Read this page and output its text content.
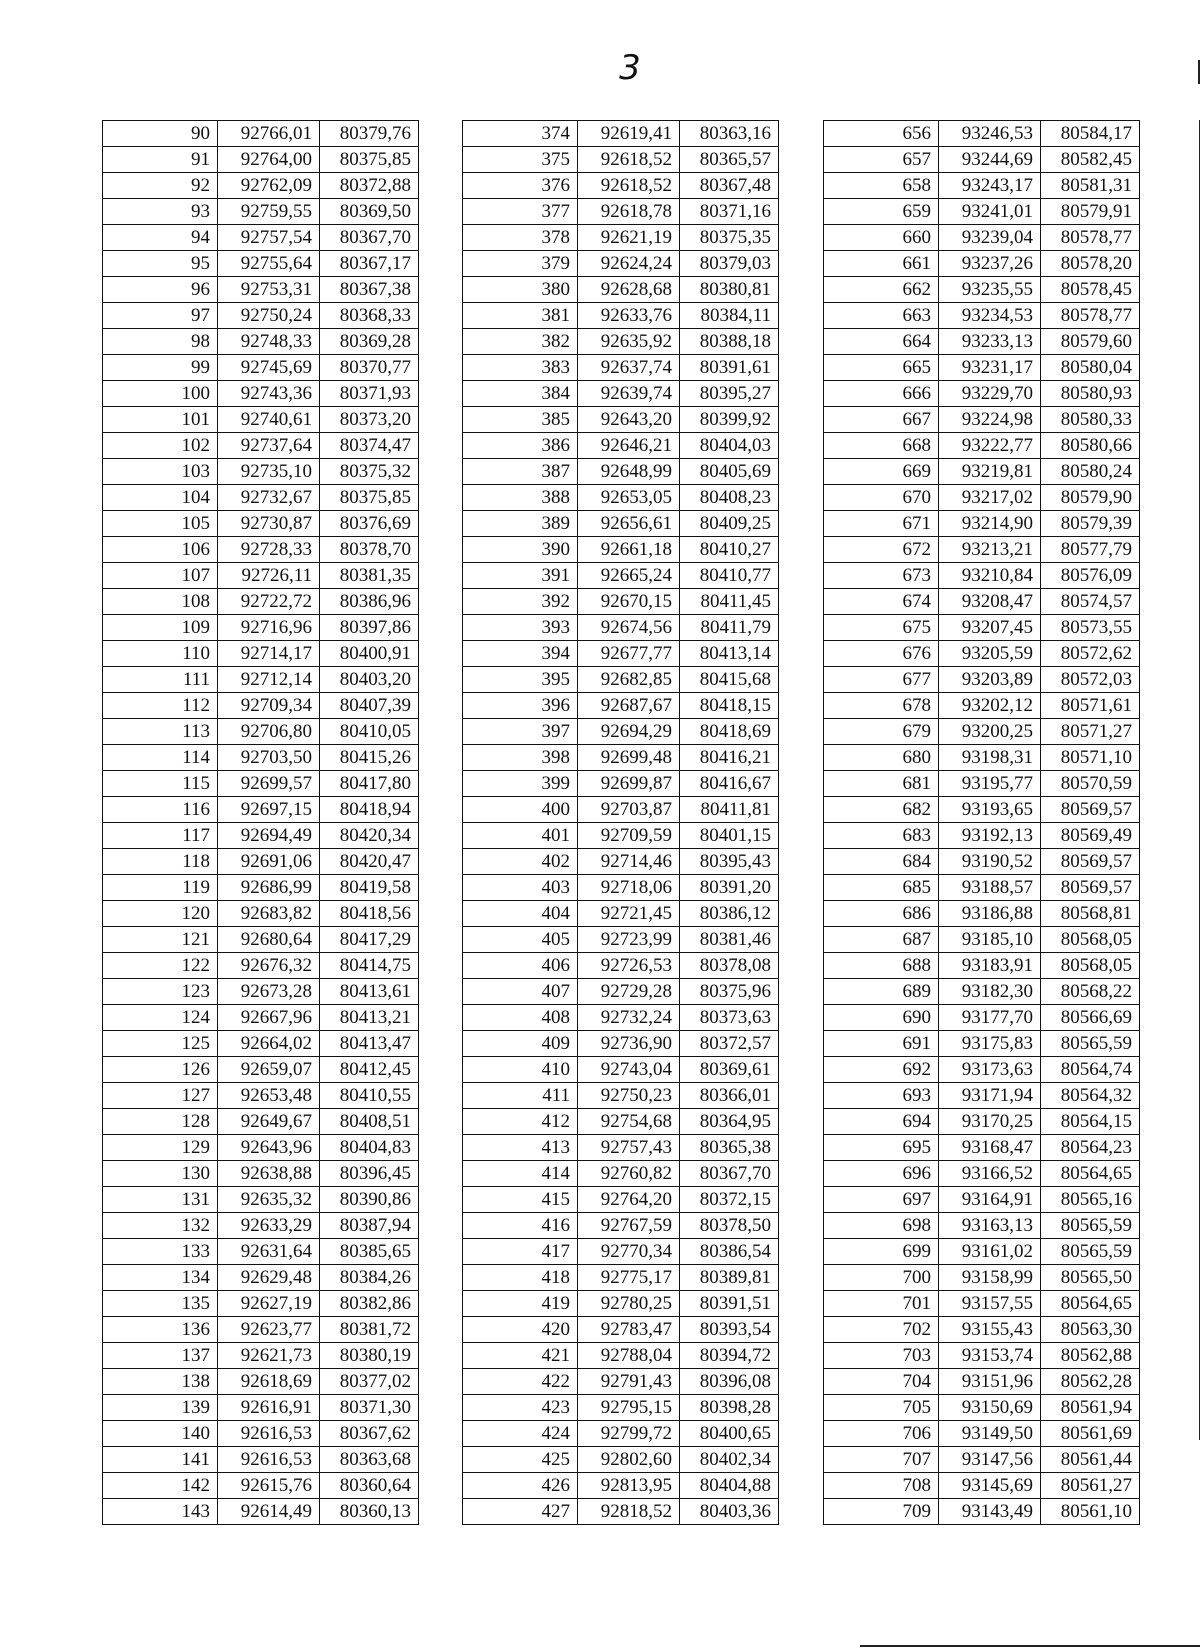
3
90	92766,01	80379,76
91	92764,00	80375,85
92	92762,09	80372,88
93	92759,55	80369,50
94	92757,54	80367,70
95	92755,64	80367,17
96	92753,31	80367,38
97	92750,24	80368,33
98	92748,33	80369,28
99	92745,69	80370,77
100	92743,36	80371,93
101	92740,61	80373,20
102	92737,64	80374,47
103	92735,10	80375,32
104	92732,67	80375,85
105	92730,87	80376,69
106	92728,33	80378,70
107	92726,11	80381,35
108	92722,72	80386,96
109	92716,96	80397,86
110	92714,17	80400,91
111	92712,14	80403,20
112	92709,34	80407,39
113	92706,80	80410,05
114	92703,50	80415,26
115	92699,57	80417,80
116	92697,15	80418,94
117	92694,49	80420,34
118	92691,06	80420,47
119	92686,99	80419,58
120	92683,82	80418,56
121	92680,64	80417,29
122	92676,32	80414,75
123	92673,28	80413,61
124	92667,96	80413,21
125	92664,02	80413,47
126	92659,07	80412,45
127	92653,48	80410,55
128	92649,67	80408,51
129	92643,96	80404,83
130	92638,88	80396,45
131	92635,32	80390,86
132	92633,29	80387,94
133	92631,64	80385,65
134	92629,48	80384,26
135	92627,19	80382,86
136	92623,77	80381,72
137	92621,73	80380,19
138	92618,69	80377,02
139	92616,91	80371,30
140	92616,53	80367,62
141	92616,53	80363,68
142	92615,76	80360,64
143	92614,49	80360,13
374	92619,41	80363,16
375	92618,52	80365,57
376	92618,52	80367,48
377	92618,78	80371,16
378	92621,19	80375,35
379	92624,24	80379,03
380	92628,68	80380,81
381	92633,76	80384,11
382	92635,92	80388,18
383	92637,74	80391,61
384	92639,74	80395,27
385	92643,20	80399,92
386	92646,21	80404,03
387	92648,99	80405,69
388	92653,05	80408,23
389	92656,61	80409,25
390	92661,18	80410,27
391	92665,24	80410,77
392	92670,15	80411,45
393	92674,56	80411,79
394	92677,77	80413,14
395	92682,85	80415,68
396	92687,67	80418,15
397	92694,29	80418,69
398	92699,48	80416,21
399	92699,87	80416,67
400	92703,87	80411,81
401	92709,59	80401,15
402	92714,46	80395,43
403	92718,06	80391,20
404	92721,45	80386,12
405	92723,99	80381,46
406	92726,53	80378,08
407	92729,28	80375,96
408	92732,24	80373,63
409	92736,90	80372,57
410	92743,04	80369,61
411	92750,23	80366,01
412	92754,68	80364,95
413	92757,43	80365,38
414	92760,82	80367,70
415	92764,20	80372,15
416	92767,59	80378,50
417	92770,34	80386,54
418	92775,17	80389,81
419	92780,25	80391,51
420	92783,47	80393,54
421	92788,04	80394,72
422	92791,43	80396,08
423	92795,15	80398,28
424	92799,72	80400,65
425	92802,60	80402,34
426	92813,95	80404,88
427	92818,52	80403,36
656	93246,53	80584,17
657	93244,69	80582,45
658	93243,17	80581,31
659	93241,01	80579,91
660	93239,04	80578,77
661	93237,26	80578,20
662	93235,55	80578,45
663	93234,53	80578,77
664	93233,13	80579,60
665	93231,17	80580,04
666	93229,70	80580,93
667	93224,98	80580,33
668	93222,77	80580,66
669	93219,81	80580,24
670	93217,02	80579,90
671	93214,90	80579,39
672	93213,21	80577,79
673	93210,84	80576,09
674	93208,47	80574,57
675	93207,45	80573,55
676	93205,59	80572,62
677	93203,89	80572,03
678	93202,12	80571,61
679	93200,25	80571,27
680	93198,31	80571,10
681	93195,77	80570,59
682	93193,65	80569,57
683	93192,13	80569,49
684	93190,52	80569,57
685	93188,57	80569,57
686	93186,88	80568,81
687	93185,10	80568,05
688	93183,91	80568,05
689	93182,30	80568,22
690	93177,70	80566,69
691	93175,83	80565,59
692	93173,63	80564,74
693	93171,94	80564,32
694	93170,25	80564,15
695	93168,47	80564,23
696	93166,52	80564,65
697	93164,91	80565,16
698	93163,13	80565,59
699	93161,02	80565,59
700	93158,99	80565,50
701	93157,55	80564,65
702	93155,43	80563,30
703	93153,74	80562,88
704	93151,96	80562,28
705	93150,69	80561,94
706	93149,50	80561,69
707	93147,56	80561,44
708	93145,69	80561,27
709	93143,49	80561,10
